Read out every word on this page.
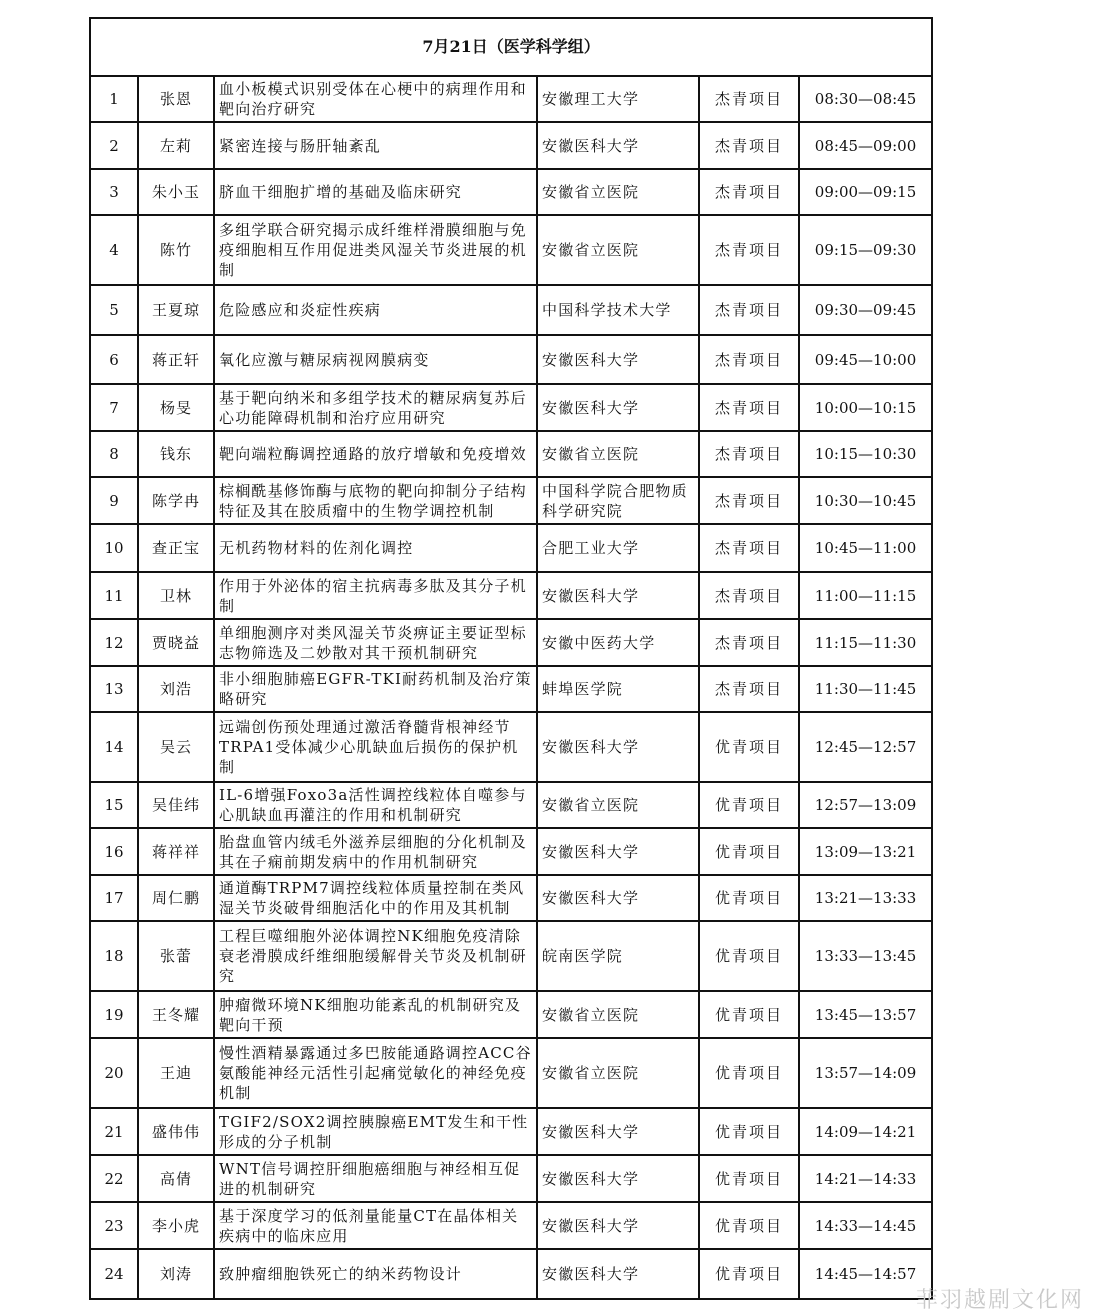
7月21日（医学科学组）					
1	张恩	血小板模式识别受体在心梗中的病理作用和靶向治疗研究	安徽理工大学	杰青项目	08:30—08:45
2	左莉	紧密连接与肠肝轴紊乱	安徽医科大学	杰青项目	08:45—09:00
3	朱小玉	脐血干细胞扩增的基础及临床研究	安徽省立医院	杰青项目	09:00—09:15
4	陈竹	多组学联合研究揭示成纤维样滑膜细胞与免疫细胞相互作用促进类风湿关节炎进展的机制	安徽省立医院	杰青项目	09:15—09:30
5	王夏琼	危险感应和炎症性疾病	中国科学技术大学	杰青项目	09:30—09:45
6	蒋正轩	氧化应激与糖尿病视网膜病变	安徽医科大学	杰青项目	09:45—10:00
7	杨旻	基于靶向纳米和多组学技术的糖尿病复苏后心功能障碍机制和治疗应用研究	安徽医科大学	杰青项目	10:00—10:15
8	钱东	靶向端粒酶调控通路的放疗增敏和免疫增效	安徽省立医院	杰青项目	10:15—10:30
9	陈学冉	棕榈酰基修饰酶与底物的靶向抑制分子结构特征及其在胶质瘤中的生物学调控机制	中国科学院合肥物质科学研究院	杰青项目	10:30—10:45
10	查正宝	无机药物材料的佐剂化调控	合肥工业大学	杰青项目	10:45—11:00
11	卫林	作用于外泌体的宿主抗病毒多肽及其分子机制	安徽医科大学	杰青项目	11:00—11:15
12	贾晓益	单细胞测序对类风湿关节炎痹证主要证型标志物筛选及二妙散对其干预机制研究	安徽中医药大学	杰青项目	11:15—11:30
13	刘浩	非小细胞肺癌EGFR-TKI耐药机制及治疗策略研究	蚌埠医学院	杰青项目	11:30—11:45
14	吴云	远端创伤预处理通过激活脊髓背根神经节TRPA1受体减少心肌缺血后损伤的保护机制	安徽医科大学	优青项目	12:45—12:57
15	吴佳纬	IL-6增强Foxo3a活性调控线粒体自噬参与心肌缺血再灌注的作用和机制研究	安徽省立医院	优青项目	12:57—13:09
16	蒋祥祥	胎盘血管内绒毛外滋养层细胞的分化机制及其在子痫前期发病中的作用机制研究	安徽医科大学	优青项目	13:09—13:21
17	周仁鹏	通道酶TRPM7调控线粒体质量控制在类风湿关节炎破骨细胞活化中的作用及其机制	安徽医科大学	优青项目	13:21—13:33
18	张蕾	工程巨噬细胞外泌体调控NK细胞免疫清除衰老滑膜成纤维细胞缓解骨关节炎及机制研究	皖南医学院	优青项目	13:33—13:45
19	王冬耀	肿瘤微环境NK细胞功能紊乱的机制研究及靶向干预	安徽省立医院	优青项目	13:45—13:57
20	王迪	慢性酒精暴露通过多巴胺能通路调控ACC谷氨酸能神经元活性引起痛觉敏化的神经免疫机制	安徽省立医院	优青项目	13:57—14:09
21	盛伟伟	TGIF2/SOX2调控胰腺癌EMT发生和干性形成的分子机制	安徽医科大学	优青项目	14:09—14:21
22	高倩	WNT信号调控肝细胞癌细胞与神经相互促进的机制研究	安徽医科大学	优青项目	14:21—14:33
23	李小虎	基于深度学习的低剂量能量CT在晶体相关疾病中的临床应用	安徽医科大学	优青项目	14:33—14:45
24	刘涛	致肿瘤细胞铁死亡的纳米药物设计	安徽医科大学	优青项目	14:45—14:57
菲羽越剧文化网
